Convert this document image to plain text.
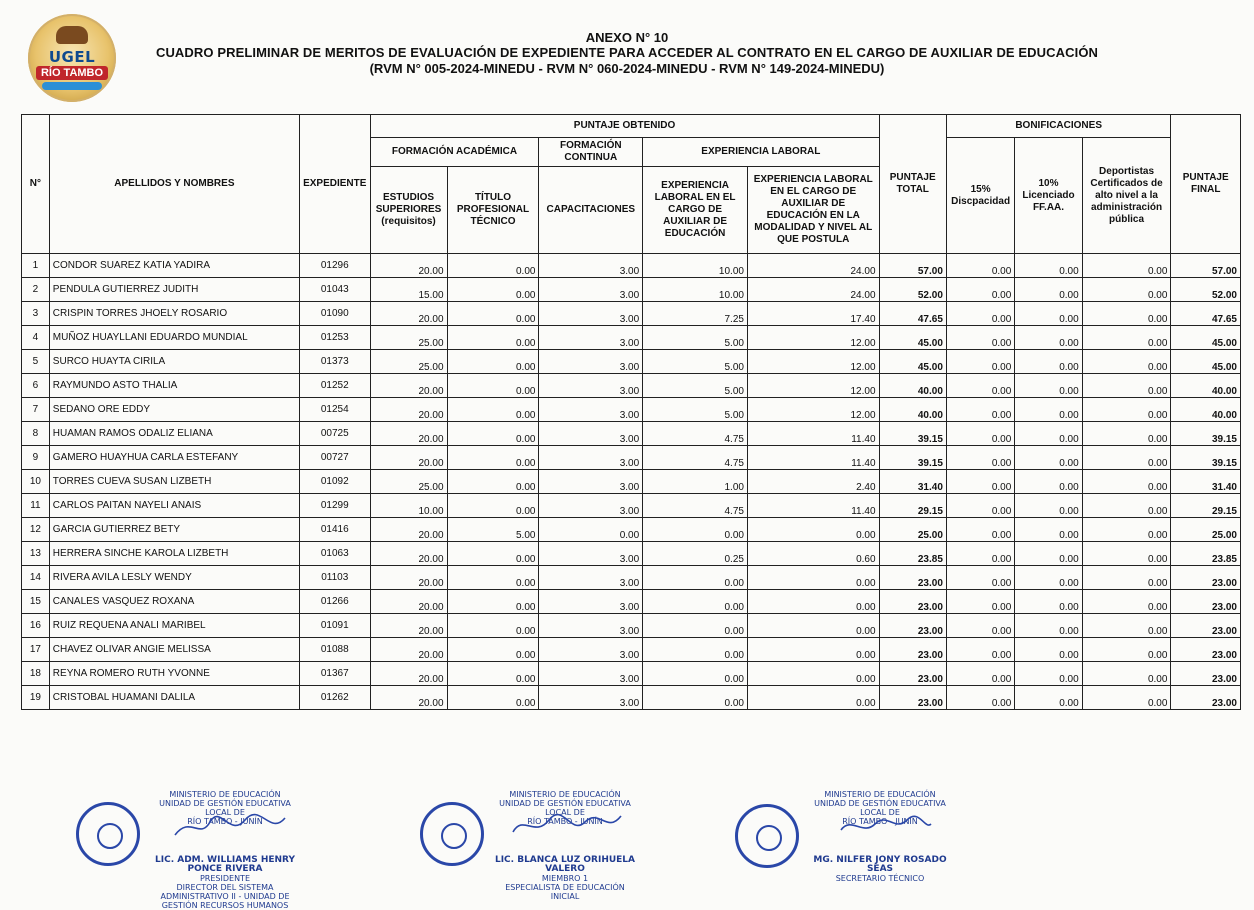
UGEL
RÍO TAMBO
ANEXO N° 10
CUADRO PRELIMINAR DE MERITOS DE EVALUACIÓN DE EXPEDIENTE PARA ACCEDER AL CONTRATO EN EL CARGO DE AUXILIAR DE EDUCACIÓN
(RVM N° 005-2024-MINEDU - RVM N° 060-2024-MINEDU - RVM N° 149-2024-MINEDU)
N°	APELLIDOS Y NOMBRES	EXPEDIENTE	PUNTAJE OBTENIDO					PUNTAJE TOTAL	BONIFICACIONES			PUNTAJE FINAL
			FORMACIÓN ACADÉMICA		FORMACIÓN CONTINUA	EXPERIENCIA LABORAL			15% Discpacidad	10% Licenciado FF.AA.	Deportistas Certificados de alto nivel a la administración pública	
			ESTUDIOS SUPERIORES (requisitos)	TÍTULO PROFESIONAL TÉCNICO	CAPACITACIONES	EXPERIENCIA LABORAL EN EL CARGO DE AUXILIAR DE EDUCACIÓN	EXPERIENCIA LABORAL EN EL CARGO DE AUXILIAR DE EDUCACIÓN EN LA MODALIDAD Y NIVEL AL QUE POSTULA					
1	CONDOR SUAREZ KATIA YADIRA	01296	20.00	0.00	3.00	10.00	24.00	57.00	0.00	0.00	0.00	57.00
2	PENDULA GUTIERREZ JUDITH	01043	15.00	0.00	3.00	10.00	24.00	52.00	0.00	0.00	0.00	52.00
3	CRISPIN TORRES JHOELY ROSARIO	01090	20.00	0.00	3.00	7.25	17.40	47.65	0.00	0.00	0.00	47.65
4	MUÑOZ HUAYLLANI EDUARDO MUNDIAL	01253	25.00	0.00	3.00	5.00	12.00	45.00	0.00	0.00	0.00	45.00
5	SURCO HUAYTA CIRILA	01373	25.00	0.00	3.00	5.00	12.00	45.00	0.00	0.00	0.00	45.00
6	RAYMUNDO ASTO THALIA	01252	20.00	0.00	3.00	5.00	12.00	40.00	0.00	0.00	0.00	40.00
7	SEDANO ORE EDDY	01254	20.00	0.00	3.00	5.00	12.00	40.00	0.00	0.00	0.00	40.00
8	HUAMAN RAMOS ODALIZ ELIANA	00725	20.00	0.00	3.00	4.75	11.40	39.15	0.00	0.00	0.00	39.15
9	GAMERO HUAYHUA CARLA ESTEFANY	00727	20.00	0.00	3.00	4.75	11.40	39.15	0.00	0.00	0.00	39.15
10	TORRES CUEVA SUSAN LIZBETH	01092	25.00	0.00	3.00	1.00	2.40	31.40	0.00	0.00	0.00	31.40
11	CARLOS PAITAN NAYELI ANAIS	01299	10.00	0.00	3.00	4.75	11.40	29.15	0.00	0.00	0.00	29.15
12	GARCIA GUTIERREZ BETY	01416	20.00	5.00	0.00	0.00	0.00	25.00	0.00	0.00	0.00	25.00
13	HERRERA SINCHE KAROLA LIZBETH	01063	20.00	0.00	3.00	0.25	0.60	23.85	0.00	0.00	0.00	23.85
14	RIVERA AVILA LESLY WENDY	01103	20.00	0.00	3.00	0.00	0.00	23.00	0.00	0.00	0.00	23.00
15	CANALES VASQUEZ ROXANA	01266	20.00	0.00	3.00	0.00	0.00	23.00	0.00	0.00	0.00	23.00
16	RUIZ REQUENA ANALI MARIBEL	01091	20.00	0.00	3.00	0.00	0.00	23.00	0.00	0.00	0.00	23.00
17	CHAVEZ OLIVAR ANGIE MELISSA	01088	20.00	0.00	3.00	0.00	0.00	23.00	0.00	0.00	0.00	23.00
18	REYNA ROMERO RUTH YVONNE	01367	20.00	0.00	3.00	0.00	0.00	23.00	0.00	0.00	0.00	23.00
19	CRISTOBAL HUAMANI DALILA	01262	20.00	0.00	3.00	0.00	0.00	23.00	0.00	0.00	0.00	23.00
MINISTERIO DE EDUCACIÓN
UNIDAD DE GESTIÓN EDUCATIVA LOCAL DE
RÍO TAMBO - JUNÍN
LIC. ADM. WILLIAMS HENRY PONCE RIVERA
PRESIDENTE
DIRECTOR DEL SISTEMA ADMINISTRATIVO II - UNIDAD DE GESTIÓN RECURSOS HUMANOS
MINISTERIO DE EDUCACIÓN
UNIDAD DE GESTIÓN EDUCATIVA LOCAL DE
RÍO TAMBO - JUNÍN
LIC. BLANCA LUZ ORIHUELA VALERO
MIEMBRO 1
ESPECIALISTA DE EDUCACIÓN INICIAL
MINISTERIO DE EDUCACIÓN
UNIDAD DE GESTIÓN EDUCATIVA LOCAL DE
RÍO TAMBO - JUNÍN
MG. NILFER JONY ROSADO SEAS
SECRETARIO TÉCNICO
